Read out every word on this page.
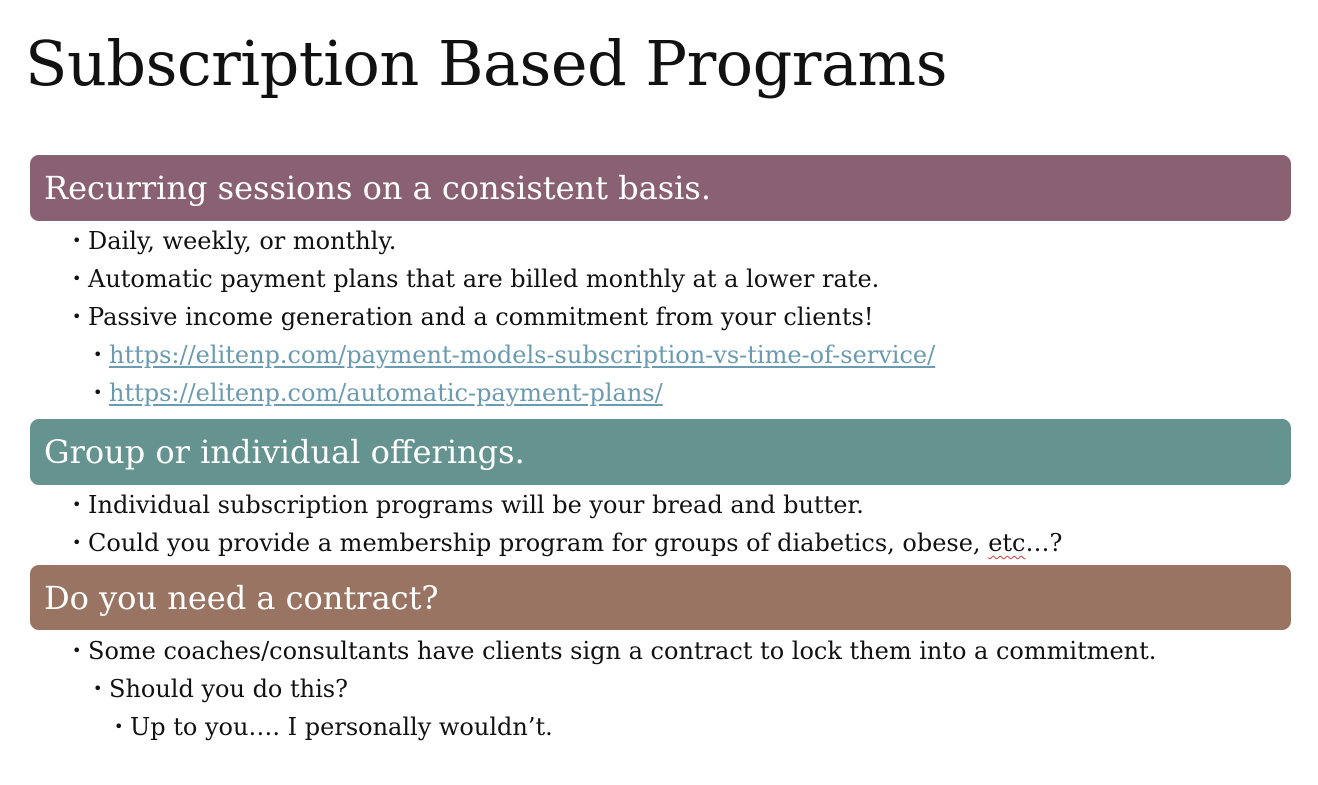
Subscription Based Programs
Recurring sessions on a consistent basis.
• Daily, weekly, or monthly.
• Automatic payment plans that are billed monthly at a lower rate.
• Passive income generation and a commitment from your clients!
• https://elitenp.com/payment-models-subscription-vs-time-of-service/
• https://elitenp.com/automatic-payment-plans/
Group or individual offerings.
• Individual subscription programs will be your bread and butter.
• Could you provide a membership program for groups of diabetics, obese, etc…?
Do you need a contract?
• Some coaches/consultants have clients sign a contract to lock them into a commitment.
• Should you do this?
• Up to you…. I personally wouldn’t.
